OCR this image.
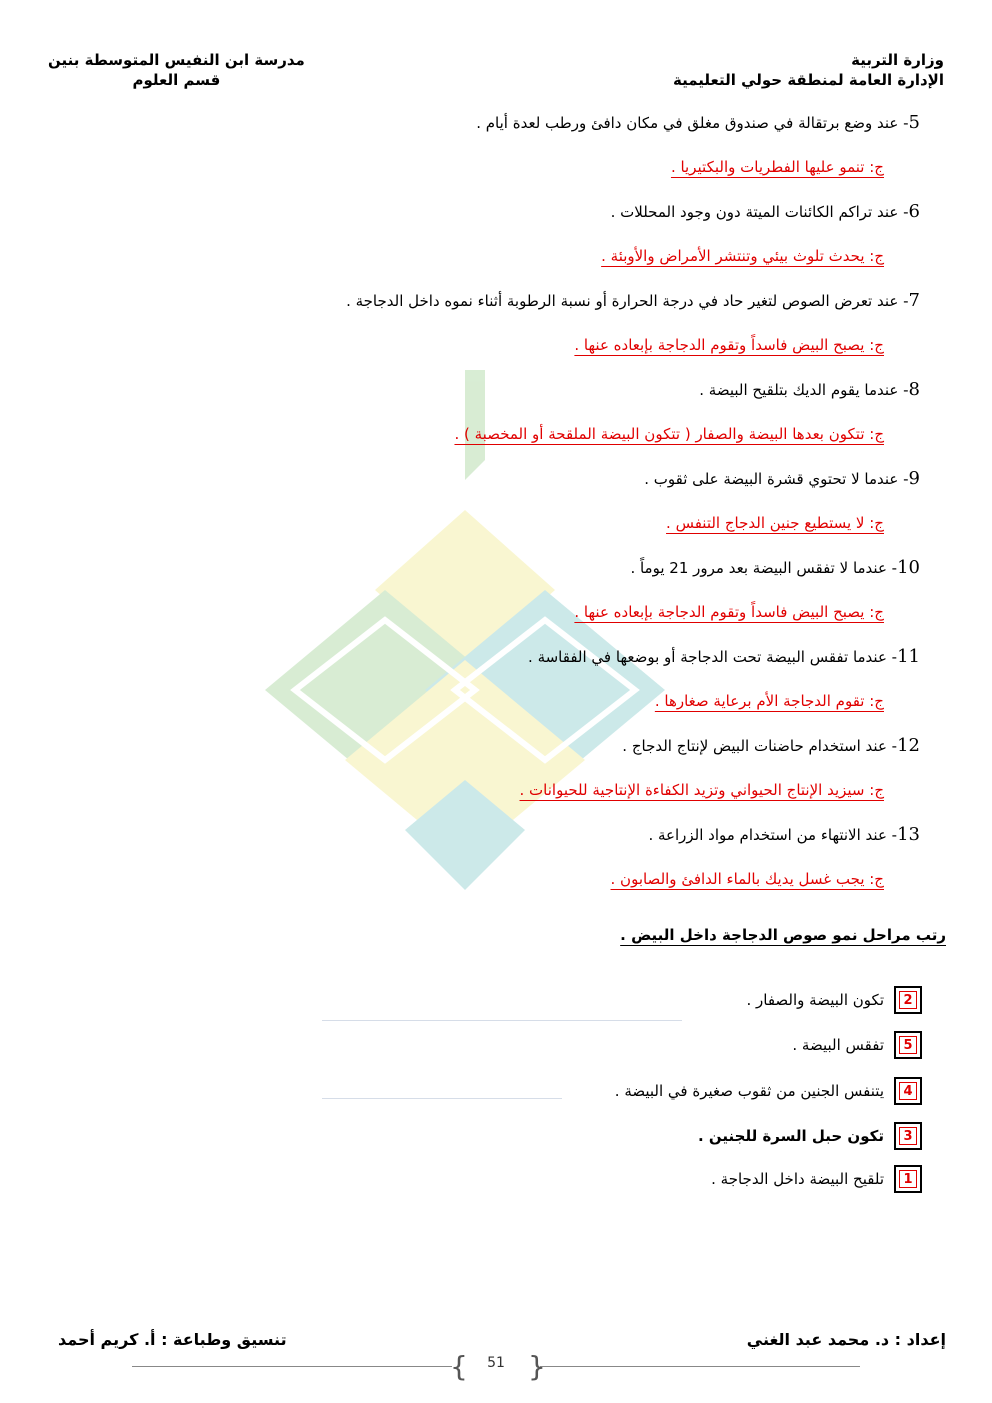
وزارة التربية
الإدارة العامة لمنطقة حولي التعليمية
مدرسة ابن النفيس المتوسطة بنين
قسم العلوم
5- عند وضع برتقالة في صندوق مغلق في مكان دافئ ورطب لعدة أيام .
ج: تنمو عليها الفطريات والبكتيريا .
6- عند تراكم الكائنات الميتة دون وجود المحللات .
ج: يحدث تلوث بيئي وتنتشر الأمراض والأوبئة .
7- عند تعرض الصوص لتغير حاد في درجة الحرارة أو نسبة الرطوبة أثناء نموه داخل الدجاجة .
ج: يصبح البيض فاسداً وتقوم الدجاجة بإبعاده عنها .
8- عندما يقوم الديك بتلقيح البيضة .
ج: تتكون بعدها البيضة والصفار ( تتكون البيضة الملقحة أو المخصبة ) .
9- عندما لا تحتوي قشرة البيضة على ثقوب .
ج: لا يستطيع جنين الدجاج التنفس .
10- عندما لا تفقس البيضة بعد مرور 21 يوماً .
ج: يصبح البيض فاسداً وتقوم الدجاجة بإبعاده عنها .
11- عندما تفقس البيضة تحت الدجاجة أو بوضعها في الفقاسة .
ج: تقوم الدجاجة الأم برعاية صغارها .
12- عند استخدام حاضنات البيض لإنتاج الدجاج .
ج: سيزيد الإنتاج الحيواني وتزيد الكفاءة الإنتاجية للحيوانات .
13- عند الانتهاء من استخدام مواد الزراعة .
ج: يجب غسل يديك بالماء الدافئ والصابون .
رتب مراحل نمو صوص الدجاجة داخل البيض .
2
تكون البيضة والصفار .
5
تفقس البيضة .
4
يتنفس الجنين من ثقوب صغيرة في البيضة .
3
تكون حبل السرة للجنين .
1
تلقيح البيضة داخل الدجاجة .
إعداد : د. محمد عبد الغني
تنسيق وطباعة : أ. كريم أحمد
{ }
51
